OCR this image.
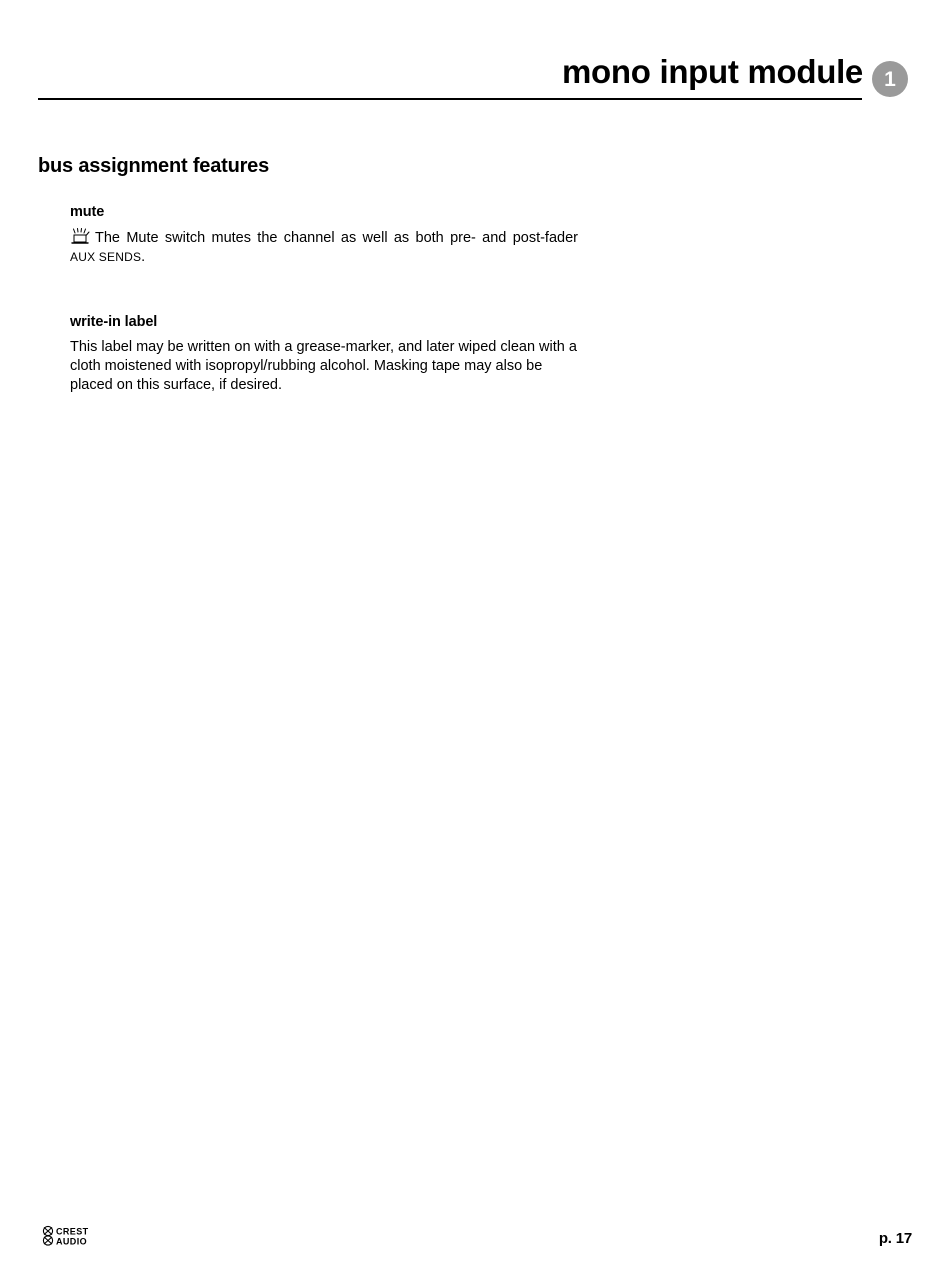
mono input module	1
bus assignment features
mute

The Mute switch mutes the channel as well as both pre- and post-fader AUX SENDS.

write-in label

This label may be written on with a grease-marker, and later wiped clean with a cloth moistened with isopropyl/rubbing alcohol. Masking tape may also be placed on this surface, if desired.

CREST
AUDIO	p. 17
